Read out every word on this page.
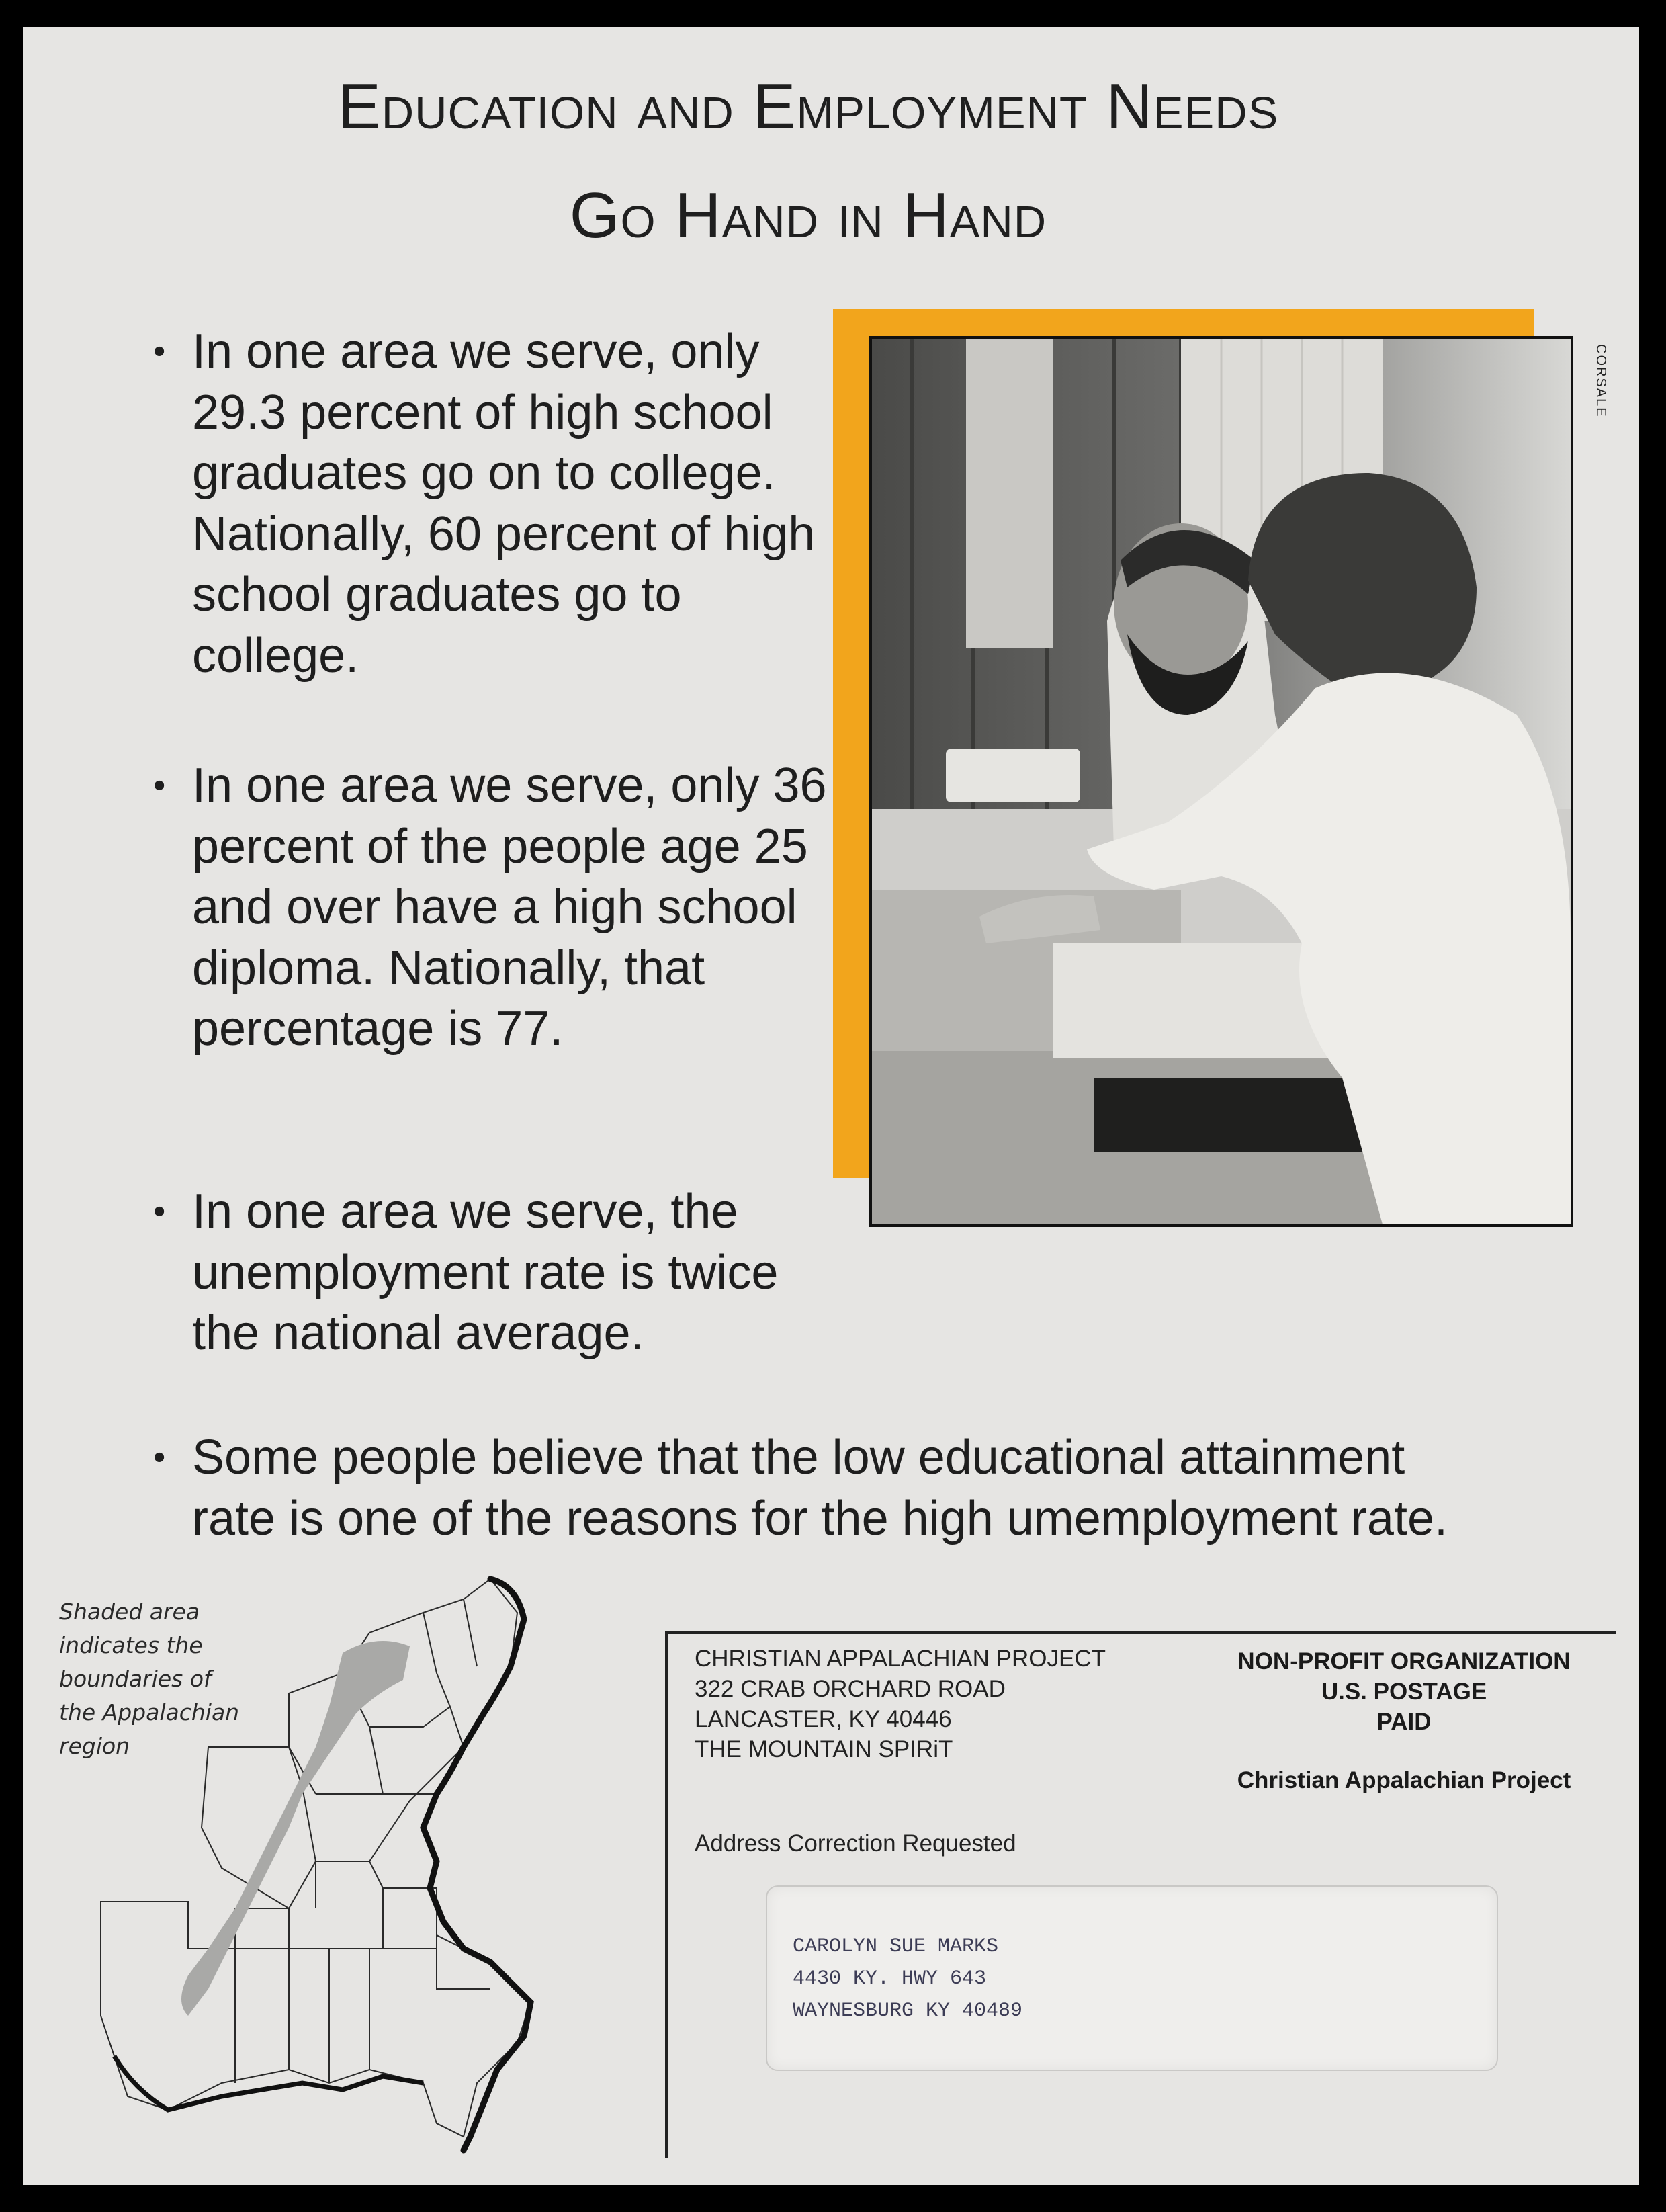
Education and Employment Needs
Go Hand in Hand
• In one area we serve, only 29.3 percent of high school graduates go on to college. Nationally, 60 percent of high school graduates go to college.
• In one area we serve, only 36 percent of the people age 25 and over have a high school diploma. Nationally, that percentage is 77.
• In one area we serve, the unemployment rate is twice the national average.
• Some people believe that the low educational attainment rate is one of the reasons for the high umemployment rate.
CORSALE
Shaded area indicates the boundaries of the Appalachian region
CHRISTIAN APPALACHIAN PROJECT
322 CRAB ORCHARD ROAD
LANCASTER, KY 40446
THE MOUNTAIN SPIRiT
Address Correction Requested
NON-PROFIT ORGANIZATION
U.S. POSTAGE
PAID
Christian Appalachian Project
CAROLYN SUE MARKS
4430 KY. HWY 643
WAYNESBURG KY 40489
